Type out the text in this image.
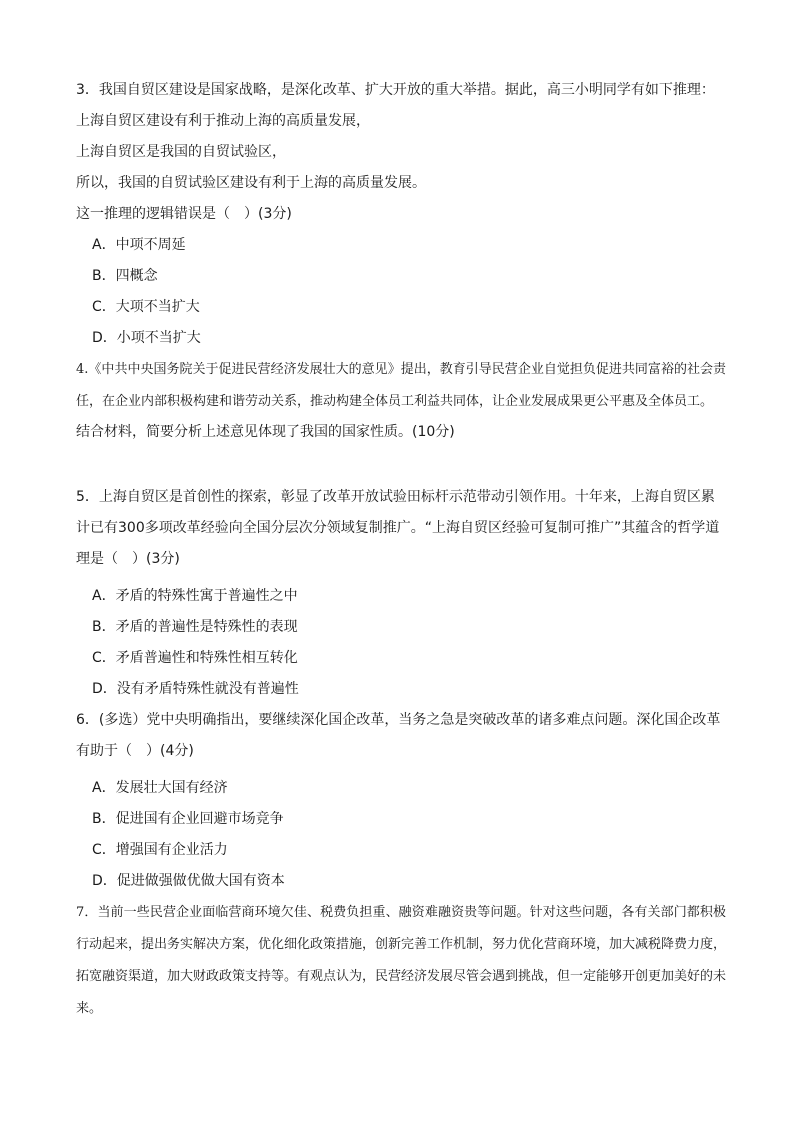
3．我国自贸区建设是国家战略，是深化改革、扩大开放的重大举措。据此，高三小明同学有如下推理：
上海自贸区建设有利于推动上海的高质量发展，
上海自贸区是我国的自贸试验区，
所以，我国的自贸试验区建设有利于上海的高质量发展。
这一推理的逻辑错误是（　）(3分)
A．中项不周延
B．四概念
C．大项不当扩大
D．小项不当扩大
4.《中共中央国务院关于促进民营经济发展壮大的意见》提出，教育引导民营企业自觉担负促进共同富裕的社会责任，在企业内部积极构建和谐劳动关系，推动构建全体员工利益共同体，让企业发展成果更公平惠及全体员工。
结合材料，简要分析上述意见体现了我国的国家性质。(10分)
5．上海自贸区是首创性的探索，彰显了改革开放试验田标杆示范带动引领作用。十年来，上海自贸区累计已有300多项改革经验向全国分层次分领域复制推广。“上海自贸区经验可复制可推广”其蕴含的哲学道理是（　）(3分)
A．矛盾的特殊性寓于普遍性之中
B．矛盾的普遍性是特殊性的表现
C．矛盾普遍性和特殊性相互转化
D．没有矛盾特殊性就没有普遍性
6．(多选）党中央明确指出，要继续深化国企改革，当务之急是突破改革的诸多难点问题。深化国企改革有助于（　）(4分)
A．发展壮大国有经济
B．促进国有企业回避市场竞争
C．增强国有企业活力
D．促进做强做优做大国有资本
7．当前一些民营企业面临营商环境欠佳、税费负担重、融资难融资贵等问题。针对这些问题，各有关部门都积极行动起来，提出务实解决方案，优化细化政策措施，创新完善工作机制，努力优化营商环境，加大减税降费力度，拓宽融资渠道，加大财政政策支持等。有观点认为，民营经济发展尽管会遇到挑战，但一定能够开创更加美好的未来。
